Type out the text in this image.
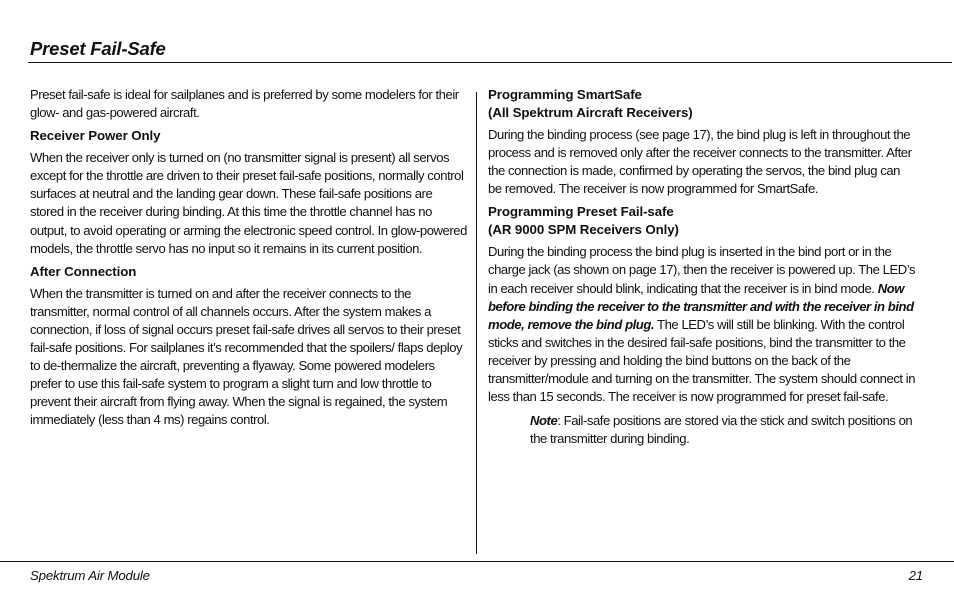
Preset Fail-Safe

Preset fail-safe is ideal for sailplanes and is preferred by some modelers for their glow- and gas-powered aircraft.

Receiver Power Only

When the receiver only is turned on (no transmitter signal is present) all servos except for the throttle are driven to their preset fail-safe positions, normally control surfaces at neutral and the landing gear down. These fail-safe positions are stored in the receiver during binding. At this time the throttle channel has no output, to avoid operating or arming the electronic speed control. In glow-powered models, the throttle servo has no input so it remains in its current position.

After Connection

When the transmitter is turned on and after the receiver connects to the transmitter, normal control of all channels occurs. After the system makes a connection, if loss of signal occurs preset fail-safe drives all servos to their preset fail-safe positions. For sailplanes it’s recommended that the spoilers/ flaps deploy to de-thermalize the aircraft, preventing a flyaway. Some powered modelers prefer to use this fail-safe system to program a slight turn and low throttle to prevent their aircraft from flying away. When the signal is regained, the system immediately (less than 4 ms) regains control.

Programming SmartSafe
(All Spektrum Aircraft Receivers)

During the binding process (see page 17), the bind plug is left in throughout the process and is removed only after the receiver connects to the transmitter. After the connection is made, confirmed by operating the servos, the bind plug can be removed. The receiver is now programmed for SmartSafe.

Programming Preset Fail-safe
(AR 9000 SPM Receivers Only)

During the binding process the bind plug is inserted in the bind port or in the charge jack (as shown on page 17), then the receiver is powered up. The LED’s in each receiver should blink, indicating that the receiver is in bind mode. Now before binding the receiver to the transmitter and with the receiver in bind mode, remove the bind plug. The LED’s will still be blinking. With the control sticks and switches in the desired fail-safe positions, bind the transmitter to the receiver by pressing and holding the bind buttons on the back of the transmitter/module and turning on the transmitter. The system should connect in less than 15 seconds. The receiver is now programmed for preset fail-safe.

Note: Fail-safe positions are stored via the stick and switch positions on the transmitter during binding.

Spektrum Air Module	21
